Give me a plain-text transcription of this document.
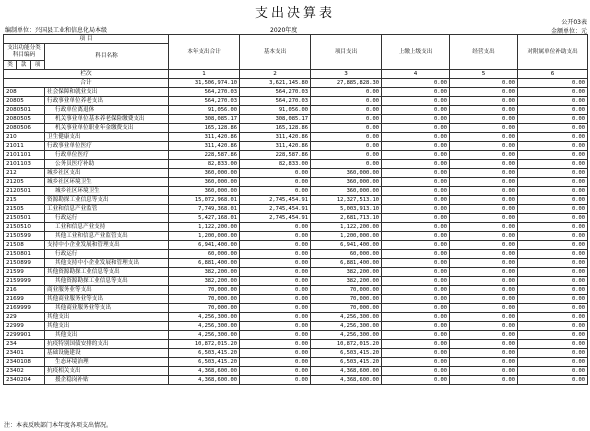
支出决算表
编制单位：兴国县工业和信息化局本级	2020年度
公开03表
金额单位：元
项 目				本年支出合计	基本支出	项目支出	上缴上级支出	经营支出	对附属单位补助支出
支出功能分类科目编码			科目名称						
类	款	项							
栏次				1	2	3	4	5	6
合计				31,506,974.10	3,621,145.80	27,885,828.30	0.00	0.00	0.00
208			社会保障和就业支出	564,270.03	564,270.03	0.00	0.00	0.00	0.00
20805			行政事业单位养老支出	564,270.03	564,270.03	0.00	0.00	0.00	0.00
2080501			行政单位离退休	91,056.00	91,056.00	0.00	0.00	0.00	0.00
2080505			机关事业单位基本养老保险缴费支出	308,085.17	308,085.17	0.00	0.00	0.00	0.00
2080506			机关事业单位职业年金缴费支出	165,128.86	165,128.86	0.00	0.00	0.00	0.00
210			卫生健康支出	311,420.86	311,420.86	0.00	0.00	0.00	0.00
21011			行政事业单位医疗	311,420.86	311,420.86	0.00	0.00	0.00	0.00
2101101			行政单位医疗	228,587.86	228,587.86	0.00	0.00	0.00	0.00
2101103			公务员医疗补助	82,833.00	82,833.00	0.00	0.00	0.00	0.00
212			城乡社区支出	360,000.00	0.00	360,000.00	0.00	0.00	0.00
21205			城乡社区环境卫生	360,000.00	0.00	360,000.00	0.00	0.00	0.00
2120501			城乡社区环境卫生	360,000.00	0.00	360,000.00	0.00	0.00	0.00
215			资源勘探工业信息等支出	15,072,968.01	2,745,454.91	12,327,513.10	0.00	0.00	0.00
21505			工业和信息产业监管	7,749,368.01	2,745,454.91	5,003,913.10	0.00	0.00	0.00
2150501			行政运行	5,427,168.01	2,745,454.91	2,681,713.10	0.00	0.00	0.00
2150510			工业和信息产业支持	1,122,200.00	0.00	1,122,200.00	0.00	0.00	0.00
2150599			其他工业和信息产业监管支出	1,200,000.00	0.00	1,200,000.00	0.00	0.00	0.00
21508			支持中小企业发展和管理支出	6,941,400.00	0.00	6,941,400.00	0.00	0.00	0.00
2150801			行政运行	60,000.00	0.00	60,000.00	0.00	0.00	0.00
2150899			其他支持中小企业发展和管理支出	6,881,400.00	0.00	6,881,400.00	0.00	0.00	0.00
21599			其他资源勘探工业信息等支出	382,200.00	0.00	382,200.00	0.00	0.00	0.00
2159999			其他资源勘探工业信息等支出	382,200.00	0.00	382,200.00	0.00	0.00	0.00
216			商业服务业等支出	70,000.00	0.00	70,000.00	0.00	0.00	0.00
21699			其他商业服务业等支出	70,000.00	0.00	70,000.00	0.00	0.00	0.00
2169999			其他商业服务业等支出	70,000.00	0.00	70,000.00	0.00	0.00	0.00
229			其他支出	4,256,300.00	0.00	4,256,300.00	0.00	0.00	0.00
22999			其他支出	4,256,300.00	0.00	4,256,300.00	0.00	0.00	0.00
2299901			其他支出	4,256,300.00	0.00	4,256,300.00	0.00	0.00	0.00
234			抗疫特别国债安排的支出	10,872,015.20	0.00	10,872,015.20	0.00	0.00	0.00
23401			基础设施建设	6,503,415.20	0.00	6,503,415.20	0.00	0.00	0.00
2340108			生态环境治理	6,503,415.20	0.00	6,503,415.20	0.00	0.00	0.00
23402			抗疫相关支出	4,368,600.00	0.00	4,368,600.00	0.00	0.00	0.00
2340204			援企稳岗补贴	4,368,600.00	0.00	4,368,600.00	0.00	0.00	0.00
注：本表反映部门本年度各项支出情况。
